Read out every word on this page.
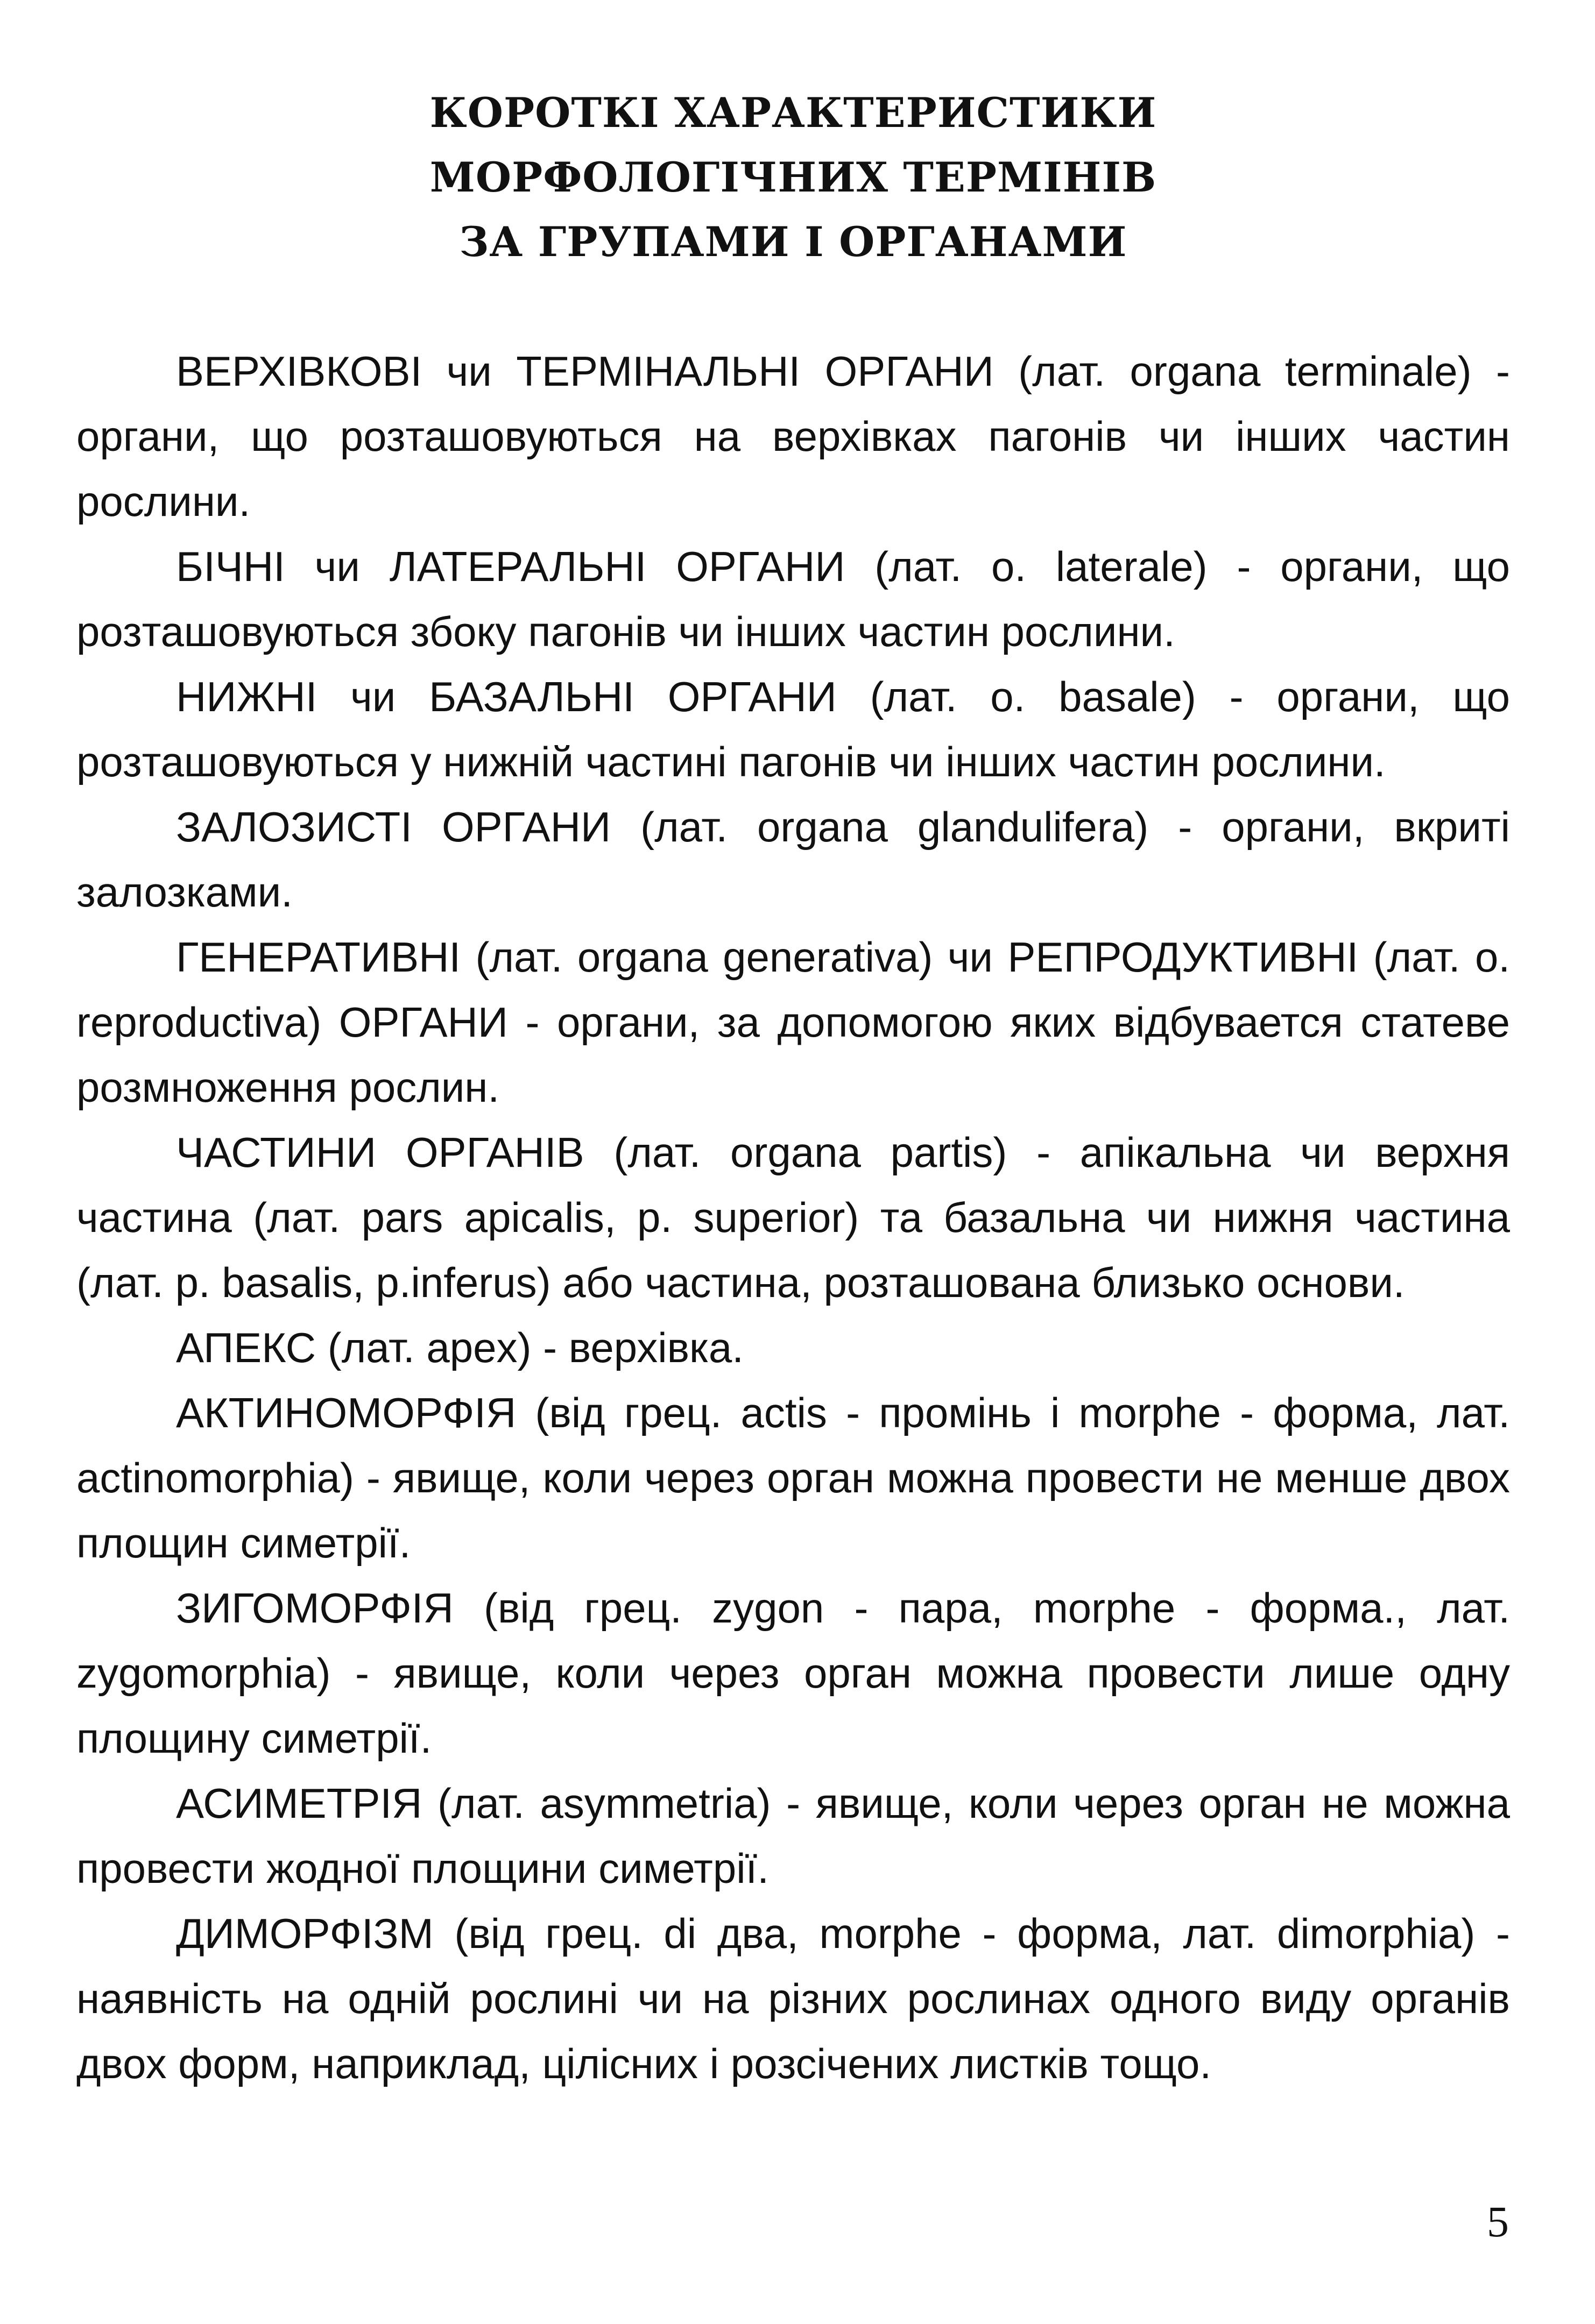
КОРОТКІ ХАРАКТЕРИСТИКИ
МОРФОЛОГІЧНИХ ТЕРМІНІВ
ЗА ГРУПАМИ І ОРГАНАМИ

ВЕРХІВКОВІ чи ТЕРМІНАЛЬНІ ОРГАНИ (лат. organa terminale) - органи, що розташовуються на верхівках пагонів чи інших частин рослини.

БІЧНІ чи ЛАТЕРАЛЬНІ ОРГАНИ (лат. о. laterale) - органи, що розташовуються збоку пагонів чи інших частин рослини.

НИЖНІ чи БАЗАЛЬНІ ОРГАНИ (лат. о. basale) - органи, що розташовуються у нижній частині пагонів чи інших частин рослини.

ЗАЛОЗИСТІ ОРГАНИ (лат. organa glandulifera) - органи, вкриті залозками.

ГЕНЕРАТИВНІ (лат. organa generativa) чи РЕПРОДУКТИВНІ (лат. о. reproductiva) ОРГАНИ - органи, за допомогою яких відбувается статеве розмноження рослин.

ЧАСТИНИ ОРГАНІВ (лат. organa partis) - апікальна чи верхня частина (лат. pars apicalis, p. superior) та базальна чи нижня частина (лат. p. basalis, p.inferus) або частина, розташована близько основи.

АПЕКС (лат. apex) - верхівка.

АКТИНОМОРФІЯ (від грец. actis - промінь і morphe - форма, лат. actinomorphia) - явище, коли через орган можна провести не менше двох площин симетрії.

ЗИГОМОРФІЯ (від грец. zygon - пара, morphe - форма., лат. zygomorphia) - явище, коли через орган можна провести лише одну площину симетрії.

АСИМЕТРІЯ (лат. asymmetria) - явище, коли через орган не можна провести жодної площини симетрії.

ДИМОРФІЗМ (від грец. di два, morphe - форма, лат. dimorphia) - наявність на одній рослині чи на різних рослинах одного виду органів двох форм, наприклад, цілісних і розсічених листків тощо.

5
